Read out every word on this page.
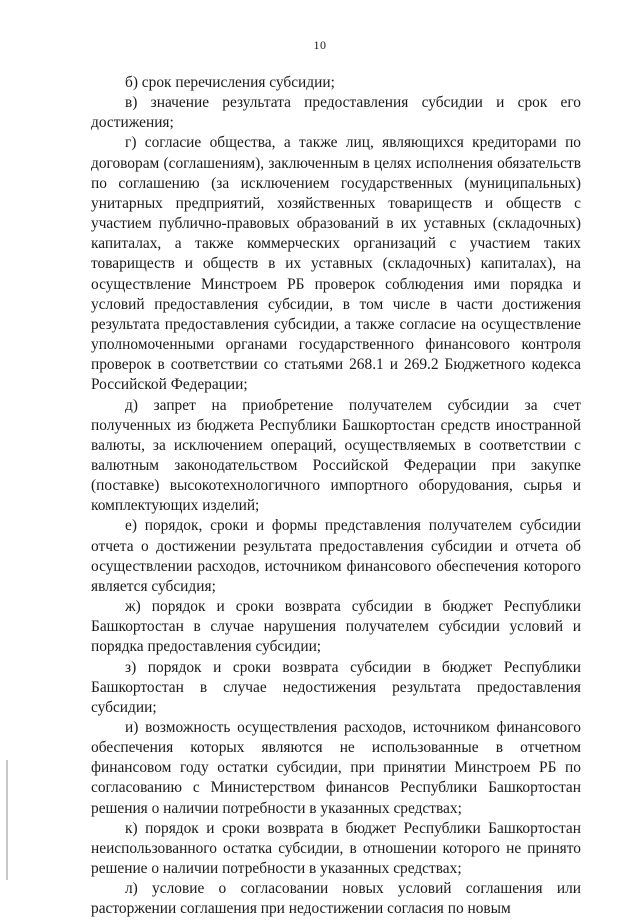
10

б) срок перечисления субсидии;

в) значение результата предоставления субсидии и срок его достижения;

г) согласие общества, а также лиц, являющихся кредиторами по договорам (соглашениям), заключенным в целях исполнения обязательств по соглашению (за исключением государственных (муниципальных) унитарных предприятий, хозяйственных товариществ и обществ с участием публично-правовых образований в их уставных (складочных) капиталах, а также коммерческих организаций с участием таких товариществ и обществ в их уставных (складочных) капиталах), на осуществление Минстроем РБ проверок соблюдения ими порядка и условий предоставления субсидии, в том числе в части достижения результата предоставления субсидии, а также согласие на осуществление уполномоченными органами государственного финансового контроля проверок в соответствии со статьями 268.1 и 269.2 Бюджетного кодекса Российской Федерации;

д) запрет на приобретение получателем субсидии за счет полученных из бюджета Республики Башкортостан средств иностранной валюты, за исключением операций, осуществляемых в соответствии с валютным законодательством Российской Федерации при закупке (поставке) высокотехнологичного импортного оборудования, сырья и комплектующих изделий;

е) порядок, сроки и формы представления получателем субсидии отчета о достижении результата предоставления субсидии и отчета об осуществлении расходов, источником финансового обеспечения которого является субсидия;

ж) порядок и сроки возврата субсидии в бюджет Республики Башкортостан в случае нарушения получателем субсидии условий и порядка предоставления субсидии;

з) порядок и сроки возврата субсидии в бюджет Республики Башкортостан в случае недостижения результата предоставления субсидии;

и) возможность осуществления расходов, источником финансового обеспечения которых являются не использованные в отчетном финансовом году остатки субсидии, при принятии Минстроем РБ по согласованию с Министерством финансов Республики Башкортостан решения о наличии потребности в указанных средствах;

к) порядок и сроки возврата в бюджет Республики Башкортостан неиспользованного остатка субсидии, в отношении которого не принято решение о наличии потребности в указанных средствах;

л) условие о согласовании новых условий соглашения или расторжении соглашения при недостижении согласия по новым
